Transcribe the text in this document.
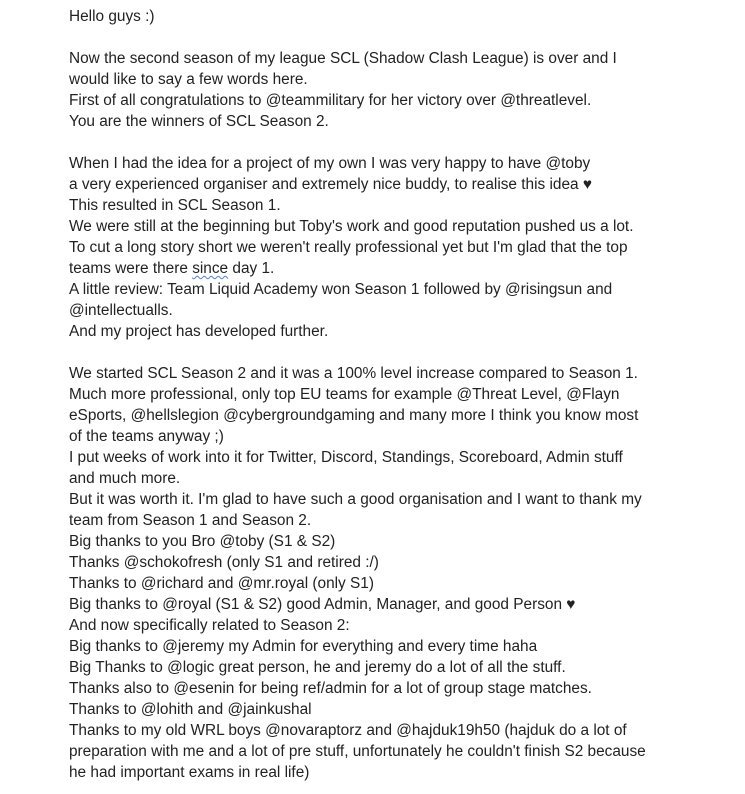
Hello guys :)
Now the second season of my league SCL (Shadow Clash League) is over and I
would like to say a few words here.
First of all congratulations to @teammilitary for her victory over @threatlevel.
You are the winners of SCL Season 2.
When I had the idea for a project of my own I was very happy to have @toby
a very experienced organiser and extremely nice buddy, to realise this idea ♥
This resulted in SCL Season 1.
We were still at the beginning but Toby's work and good reputation pushed us a lot.
To cut a long story short we weren't really professional yet but I'm glad that the top
teams were there since day 1.
A little review: Team Liquid Academy won Season 1 followed by @risingsun and
@intellectualls.
And my project has developed further.
We started SCL Season 2 and it was a 100% level increase compared to Season 1.
Much more professional, only top EU teams for example @Threat Level, @Flayn
eSports, @hellslegion @cybergroundgaming and many more I think you know most
of the teams anyway ;)
I put weeks of work into it for Twitter, Discord, Standings, Scoreboard, Admin stuff
and much more.
But it was worth it. I'm glad to have such a good organisation and I want to thank my
team from Season 1 and Season 2.
Big thanks to you Bro @toby (S1 & S2)
Thanks @schokofresh (only S1 and retired :/)
Thanks to @richard and @mr.royal (only S1)
Big thanks to @royal (S1 & S2) good Admin, Manager, and good Person ♥
And now specifically related to Season 2:
Big thanks to @jeremy my Admin for everything and every time haha
Big Thanks to @logic great person, he and jeremy do a lot of all the stuff.
Thanks also to @esenin for being ref/admin for a lot of group stage matches.
Thanks to @lohith and @jainkushal
Thanks to my old WRL boys @novaraptorz and @hajduk19h50 (hajduk do a lot of
preparation with me and a lot of pre stuff, unfortunately he couldn't finish S2 because
he had important exams in real life)
